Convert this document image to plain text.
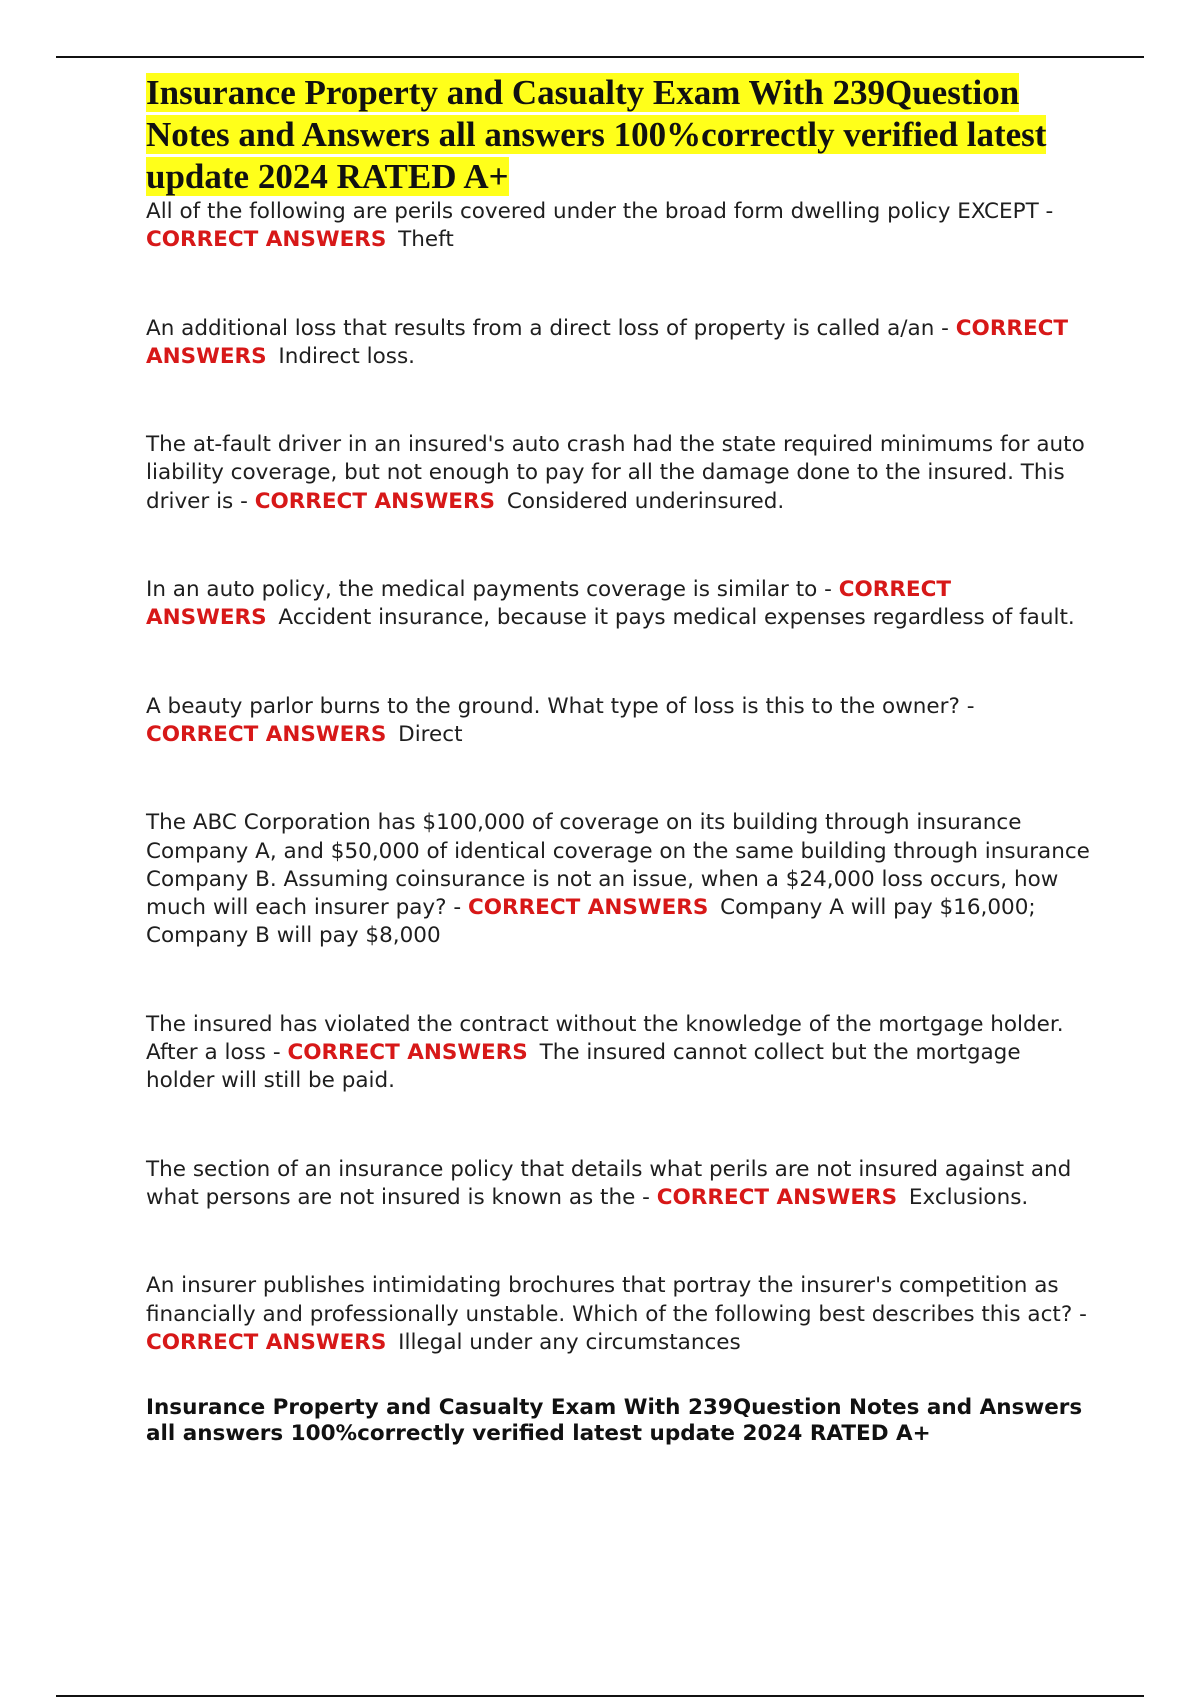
Insurance Property and Casualty Exam With 239Question Notes and Answers all answers 100%correctly verified latest update 2024 RATED A+

All of the following are perils covered under the broad form dwelling policy EXCEPT - CORRECT ANSWERS Theft

An additional loss that results from a direct loss of property is called a/an - CORRECT ANSWERS Indirect loss.

The at-fault driver in an insured's auto crash had the state required minimums for auto liability coverage, but not enough to pay for all the damage done to the insured. This driver is - CORRECT ANSWERS Considered underinsured.

In an auto policy, the medical payments coverage is similar to - CORRECT ANSWERS Accident insurance, because it pays medical expenses regardless of fault.

A beauty parlor burns to the ground. What type of loss is this to the owner? - CORRECT ANSWERS Direct

The ABC Corporation has $100,000 of coverage on its building through insurance Company A, and $50,000 of identical coverage on the same building through insurance Company B. Assuming coinsurance is not an issue, when a $24,000 loss occurs, how much will each insurer pay? - CORRECT ANSWERS Company A will pay $16,000; Company B will pay $8,000

The insured has violated the contract without the knowledge of the mortgage holder. After a loss - CORRECT ANSWERS The insured cannot collect but the mortgage holder will still be paid.

The section of an insurance policy that details what perils are not insured against and what persons are not insured is known as the - CORRECT ANSWERS Exclusions.

An insurer publishes intimidating brochures that portray the insurer's competition as financially and professionally unstable. Which of the following best describes this act? - CORRECT ANSWERS Illegal under any circumstances

Insurance Property and Casualty Exam With 239Question Notes and Answers all answers 100%correctly verified latest update 2024 RATED A+
